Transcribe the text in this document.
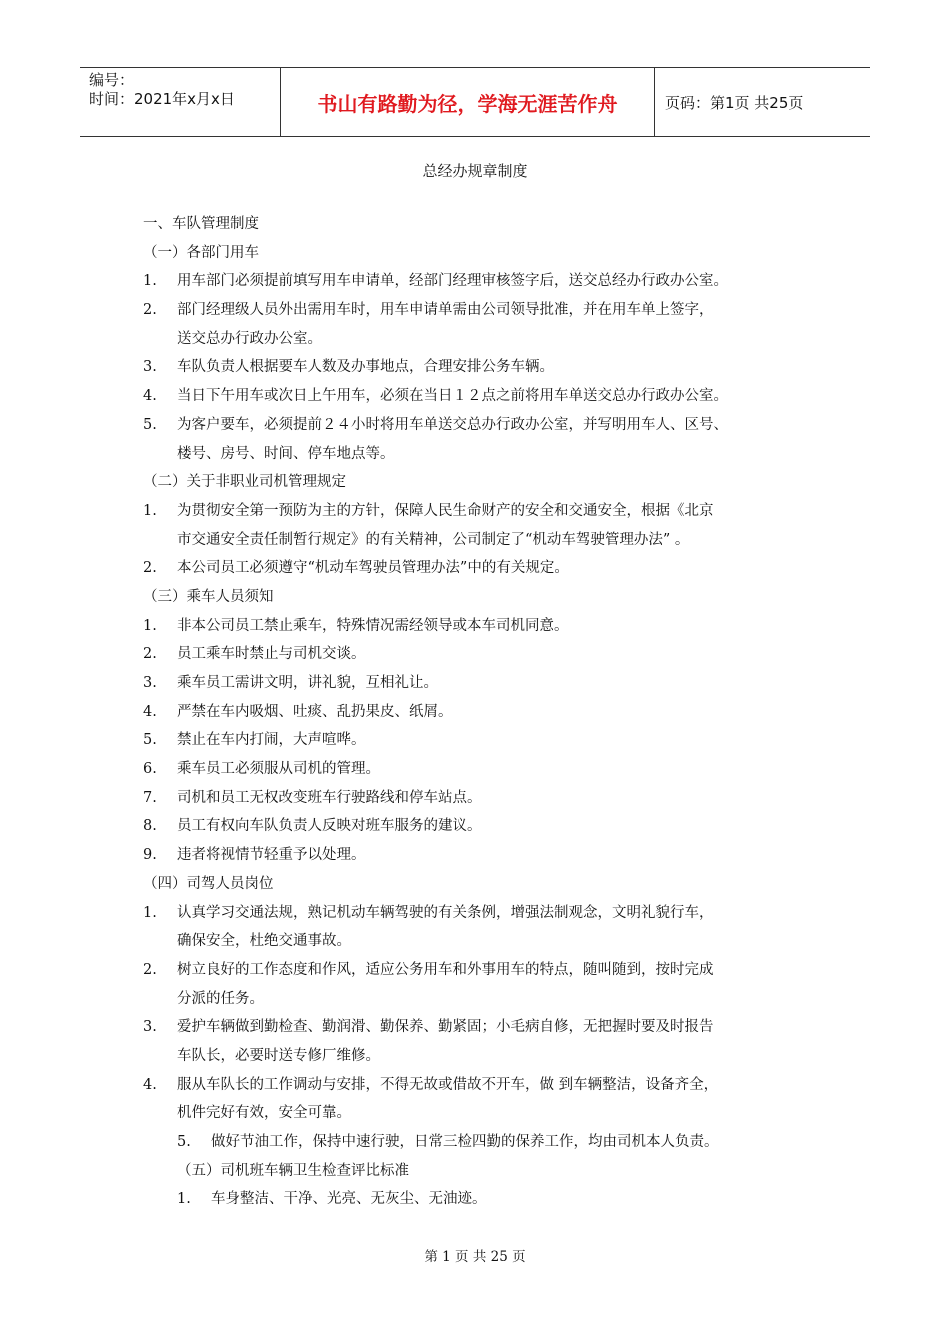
编号：
时间：2021年x月x日	书山有路勤为径，学海无涯苦作舟	页码：第1页 共25页
总经办规章制度
一、车队管理制度
（一）各部门用车
1. 用车部门必须提前填写用车申请单，经部门经理审核签字后，送交总经办行政办公室。
2. 部门经理级人员外出需用车时，用车申请单需由公司领导批准，并在用车单上签字，
送交总办行政办公室。
3. 车队负责人根据要车人数及办事地点，合理安排公务车辆。
4. 当日下午用车或次日上午用车，必须在当日１２点之前将用车单送交总办行政办公室。
5. 为客户要车，必须提前２４小时将用车单送交总办行政办公室，并写明用车人、区号、
楼号、房号、时间、停车地点等。
（二）关于非职业司机管理规定
1. 为贯彻安全第一预防为主的方针，保障人民生命财产的安全和交通安全，根据《北京
市交通安全责任制暂行规定》的有关精神，公司制定了“机动车驾驶管理办法” 。
2. 本公司员工必须遵守“机动车驾驶员管理办法”中的有关规定。
（三）乘车人员须知
1. 非本公司员工禁止乘车，特殊情况需经领导或本车司机同意。
2. 员工乘车时禁止与司机交谈。
3. 乘车员工需讲文明，讲礼貌，互相礼让。
4. 严禁在车内吸烟、吐痰、乱扔果皮、纸屑。
5. 禁止在车内打闹，大声喧哗。
6. 乘车员工必须服从司机的管理。
7. 司机和员工无权改变班车行驶路线和停车站点。
8. 员工有权向车队负责人反映对班车服务的建议。
9. 违者将视情节轻重予以处理。
（四）司驾人员岗位
1. 认真学习交通法规，熟记机动车辆驾驶的有关条例，增强法制观念，文明礼貌行车，
确保安全，杜绝交通事故。
2. 树立良好的工作态度和作风，适应公务用车和外事用车的特点，随叫随到，按时完成
分派的任务。
3. 爱护车辆做到勤检查、勤润滑、勤保养、勤紧固；小毛病自修，无把握时要及时报告
车队长，必要时送专修厂维修。
4. 服从车队长的工作调动与安排，不得无故或借故不开车，做 到车辆整洁，设备齐全，
机件完好有效，安全可靠。
5. 做好节油工作，保持中速行驶，日常三检四勤的保养工作，均由司机本人负责。
（五）司机班车辆卫生检查评比标准
1. 车身整洁、干净、光亮、无灰尘、无油迹。
第 1 页 共 25 页
